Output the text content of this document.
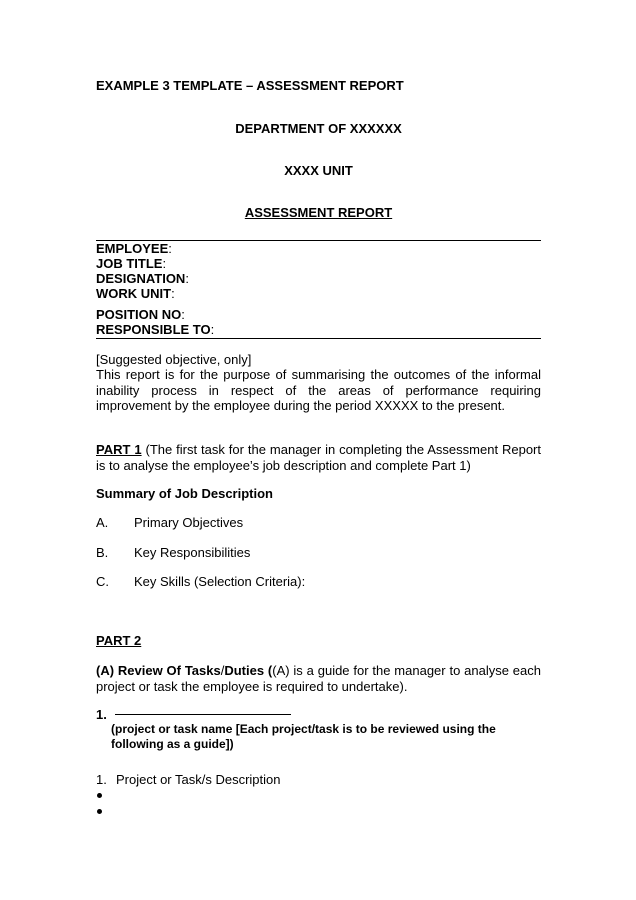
EXAMPLE 3 TEMPLATE – ASSESSMENT REPORT
DEPARTMENT OF XXXXXX
XXXX UNIT
ASSESSMENT REPORT
EMPLOYEE:
JOB TITLE:
DESIGNATION:
WORK UNIT:
POSITION NO:
RESPONSIBLE TO:
[Suggested objective, only]
This report is for the purpose of summarising the outcomes of the informal inability process in respect of the areas of performance requiring improvement by the employee during the period XXXXX to the present.
PART 1 (The first task for the manager in completing the Assessment Report is to analyse the employee’s job description and complete Part 1)
Summary of Job Description
A. Primary Objectives
B. Key Responsibilities
C. Key Skills (Selection Criteria):
PART 2
(A) Review Of Tasks/Duties ((A) is a guide for the manager to analyse each project or task the employee is required to undertake).
1.
(project or task name [Each project/task is to be reviewed using the
following as a guide])
1. Project or Task/s Description
